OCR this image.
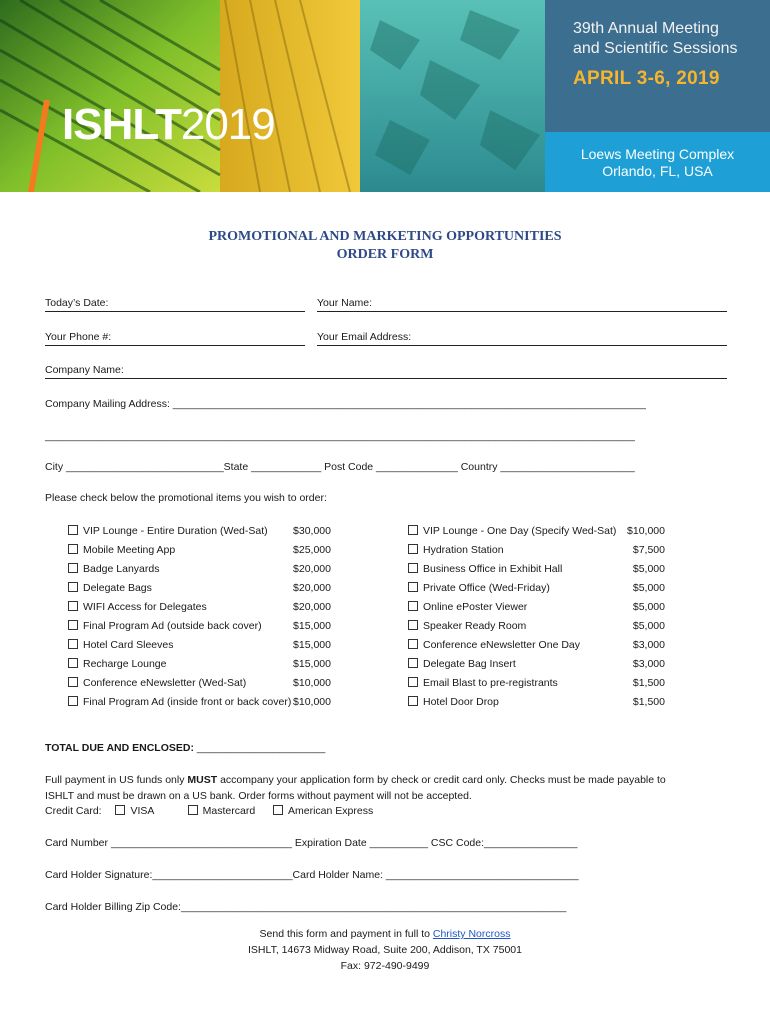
ISHLT2019
39th Annual Meeting
and Scientific Sessions
APRIL 3-6, 2019
Loews Meeting Complex
Orlando, FL, USA
PROMOTIONAL AND MARKETING OPPORTUNITIES
ORDER FORM
Today’s Date:	Your Name:
Your Phone #:	Your Email Address:
Company Name:
Company Mailing Address: _________________________________________________________________________________
_____________________________________________________________________________________________________
City ___________________________State ____________ Post Code ______________ Country _______________________
Please check below the promotional items you wish to order:
VIP Lounge - Entire Duration (Wed-Sat)	$30,000
Mobile Meeting App	$25,000
Badge Lanyards	$20,000
Delegate Bags	$20,000
WIFI Access for Delegates	$20,000
Final Program Ad (outside back cover)	$15,000
Hotel Card Sleeves	$15,000
Recharge Lounge	$15,000
Conference eNewsletter (Wed-Sat)	$10,000
Final Program Ad (inside front or back cover) $10,000
VIP Lounge - One Day (Specify Wed-Sat)	$10,000
Hydration Station	$7,500
Business Office in Exhibit Hall	$5,000
Private Office (Wed-Friday)	$5,000
Online ePoster Viewer	$5,000
Speaker Ready Room	$5,000
Conference eNewsletter One Day	$3,000
Delegate Bag Insert	$3,000
Email Blast to pre-registrants	$1,500
Hotel Door Drop	$1,500
TOTAL DUE AND ENCLOSED: ______________________
Full payment in US funds only MUST accompany your application form by check or credit card only. Checks must be made payable to
ISHLT and must be drawn on a US bank. Order forms without payment will not be accepted.
Credit Card:	VISA	Mastercard	American Express
Card Number _______________________________ Expiration Date __________ CSC Code:________________
Card Holder Signature:________________________Card Holder Name: _________________________________
Card Holder Billing Zip Code:__________________________________________________________________
Send this form and payment in full to Christy Norcross
ISHLT, 14673 Midway Road, Suite 200, Addison, TX 75001
Fax: 972-490-9499
